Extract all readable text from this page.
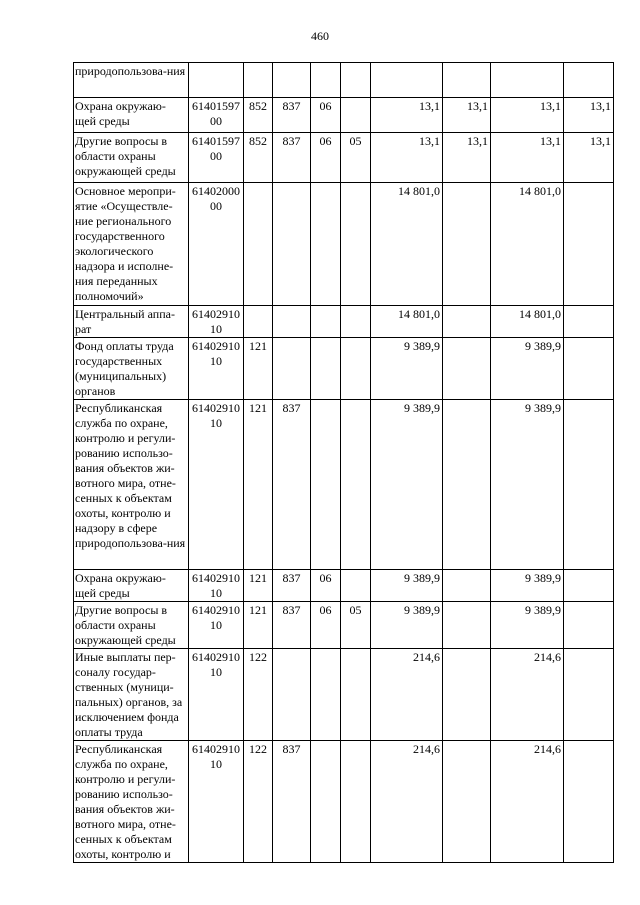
460
природопользова-ния									
Охрана окружаю-щей среды	6140159700	852	837	06		13,1	13,1	13,1	13,1
Другие вопросы в области охраны окружающей среды	6140159700	852	837	06	05	13,1	13,1	13,1	13,1
Основное меропри-ятие «Осуществле-ние регионального государственного экологического надзора и исполне-ния переданных полномочий»	6140200000					14 801,0		14 801,0	
Центральный аппа-рат	6140291010					14 801,0		14 801,0	
Фонд оплаты труда государственных (муниципальных) органов	6140291010	121				9 389,9		9 389,9	
Республиканская служба по охране, контролю и регули-рованию использо-вания объектов жи-вотного мира, отне-сенных к объектам охоты, контролю и надзору в сфере природопользова-ния	6140291010	121	837			9 389,9		9 389,9	
Охрана окружаю-щей среды	6140291010	121	837	06		9 389,9		9 389,9	
Другие вопросы в области охраны окружающей среды	6140291010	121	837	06	05	9 389,9		9 389,9	
Иные выплаты пер-соналу государ-ственных (муници-пальных) органов, за исключением фонда оплаты труда	6140291010	122				214,6		214,6	
Республиканская служба по охране, контролю и регули-рованию использо-вания объектов жи-вотного мира, отне-сенных к объектам охоты, контролю и	6140291010	122	837			214,6		214,6	
